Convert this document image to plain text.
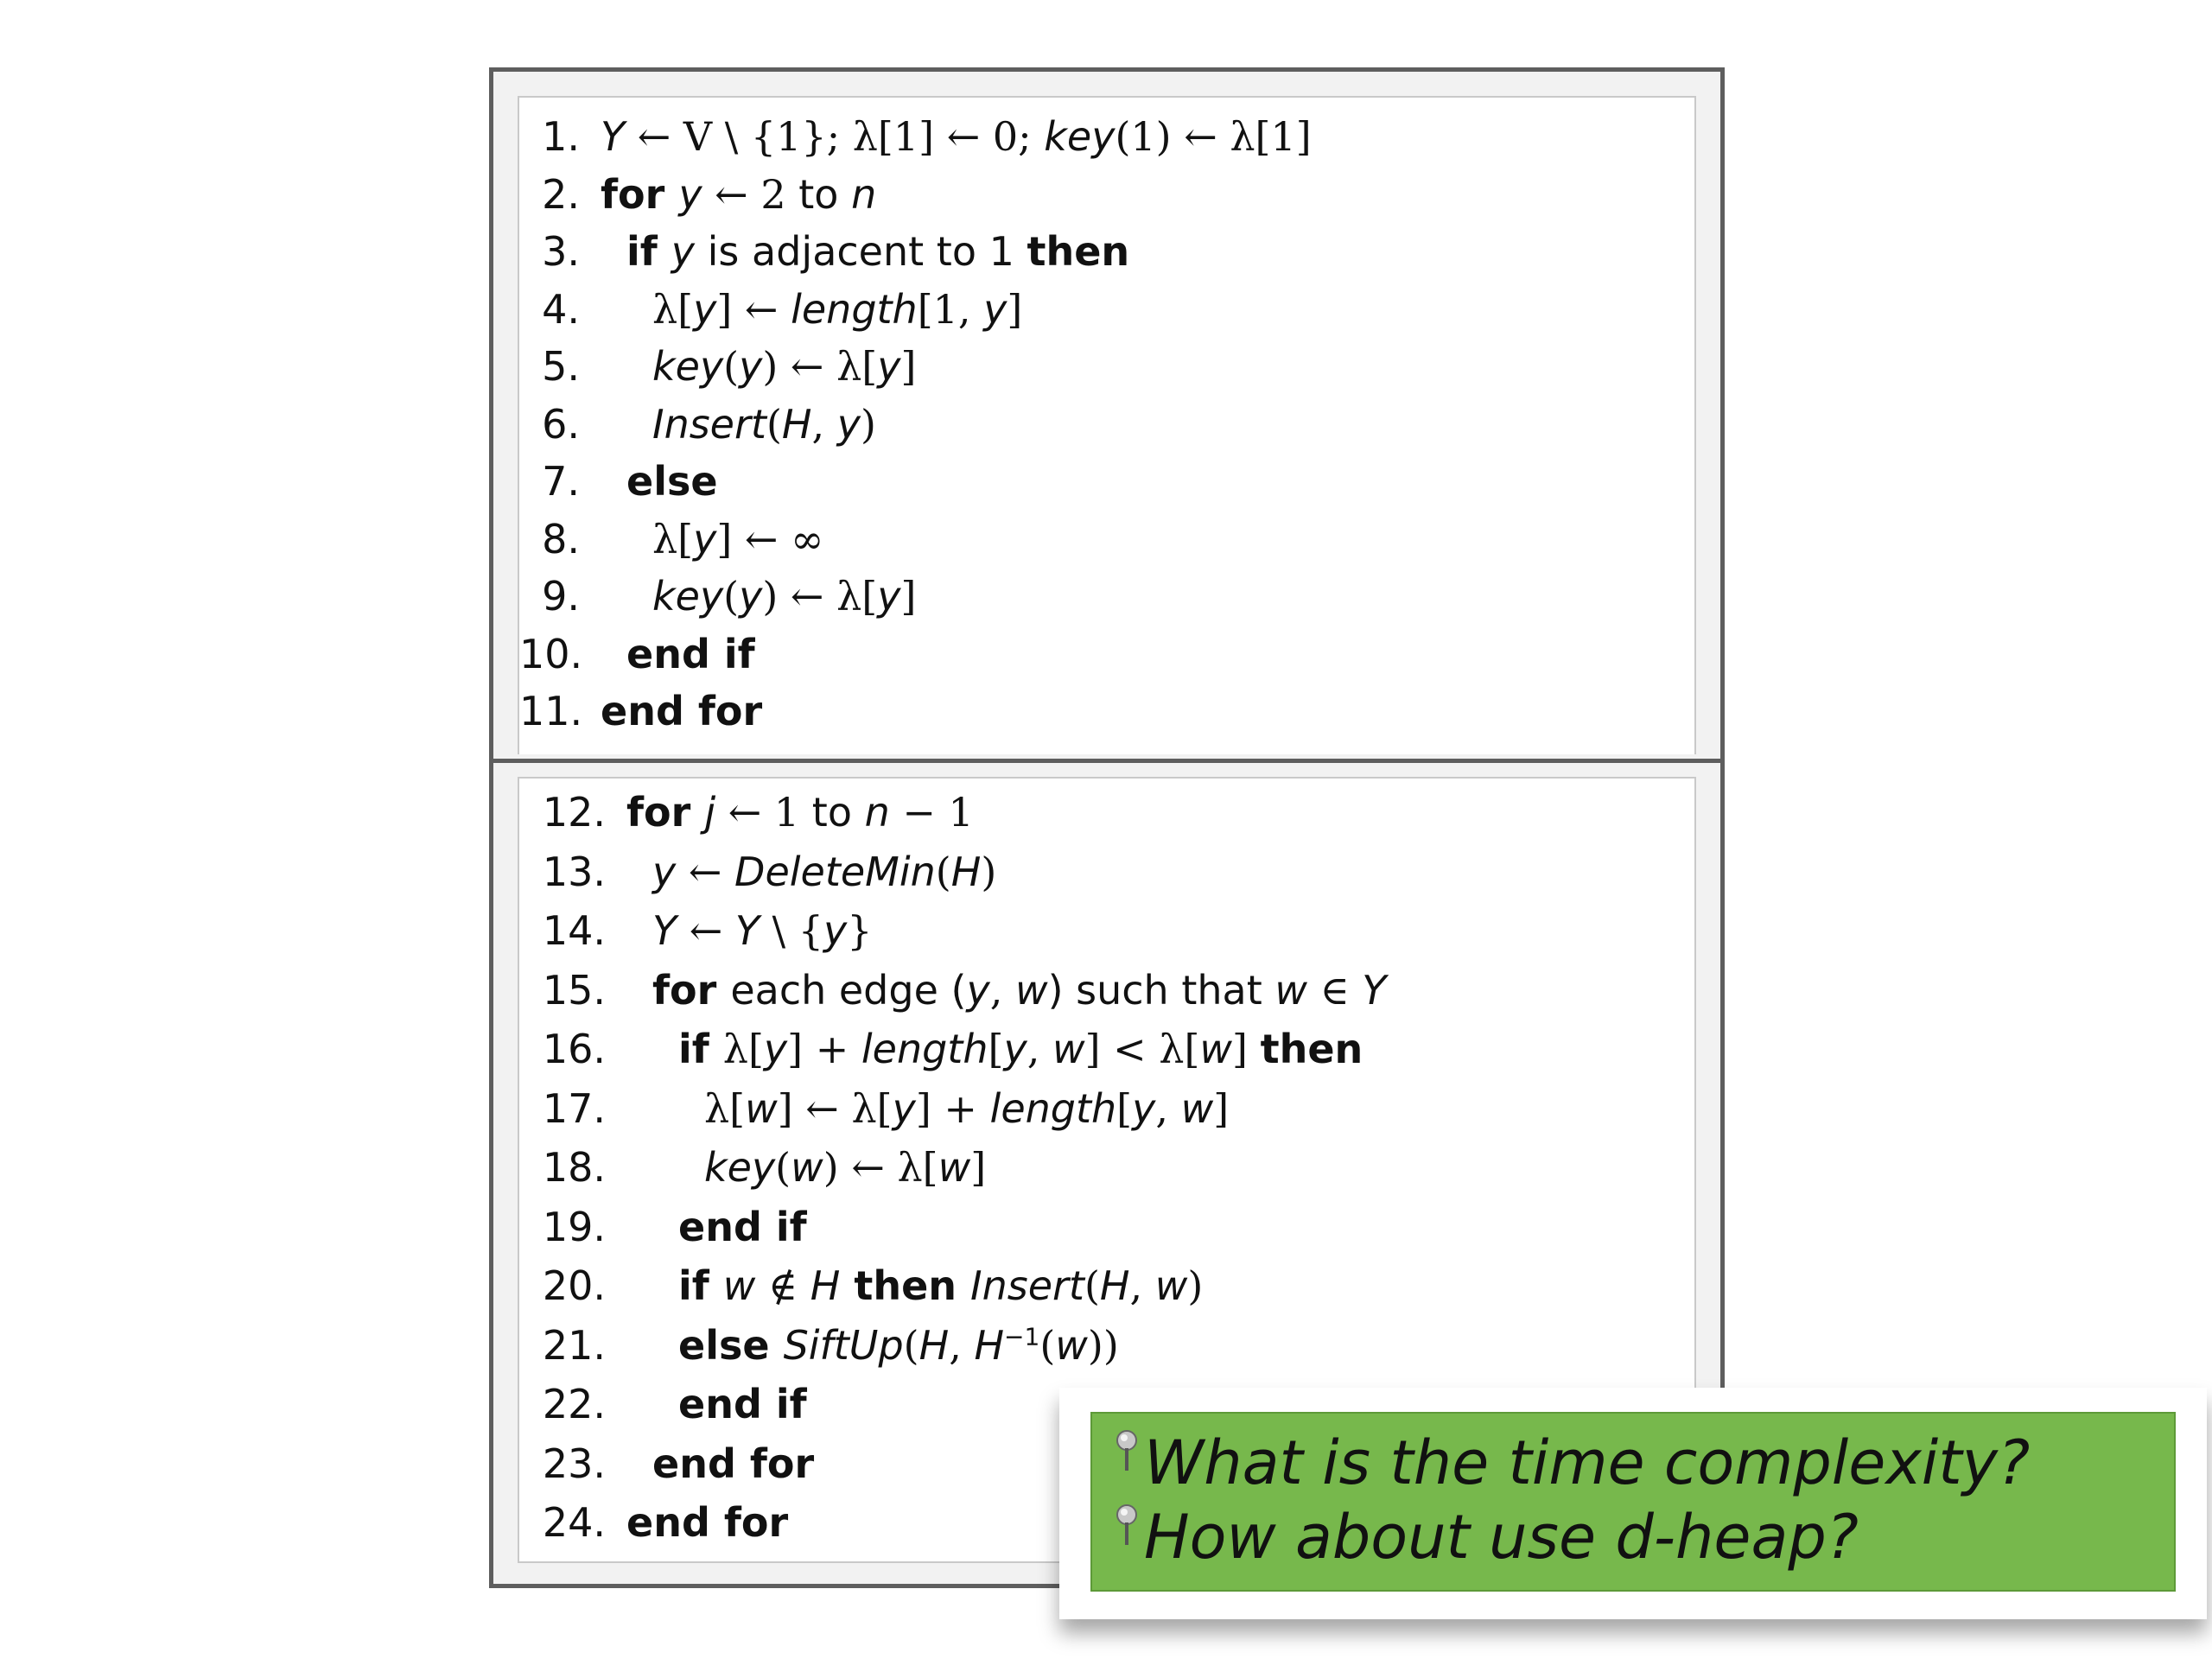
1. Y ← V \ {1}; λ[1] ← 0; key(1) ← λ[1]
2. for y ← 2 to n
3. if y is adjacent to 1 then
4. λ[y] ← length[1, y]
5. key(y) ← λ[y]
6. Insert(H, y)
7. else
8. λ[y] ← ∞
9. key(y) ← λ[y]
10. end if
11. end for
12. for j ← 1 to n − 1
13. y ← DeleteMin(H)
14. Y ← Y \ {y}
15. for each edge (y, w) such that w ∈ Y
16. if λ[y] + length[y, w] < λ[w] then
17. λ[w] ← λ[y] + length[y, w]
18. key(w) ← λ[w]
19. end if
20. if w ∉ H then Insert(H, w)
21. else SiftUp(H, $H^{-1}(w)$)
22. end if
23. end for
24. end for
What is the time complexity?
How about use d-heap?
